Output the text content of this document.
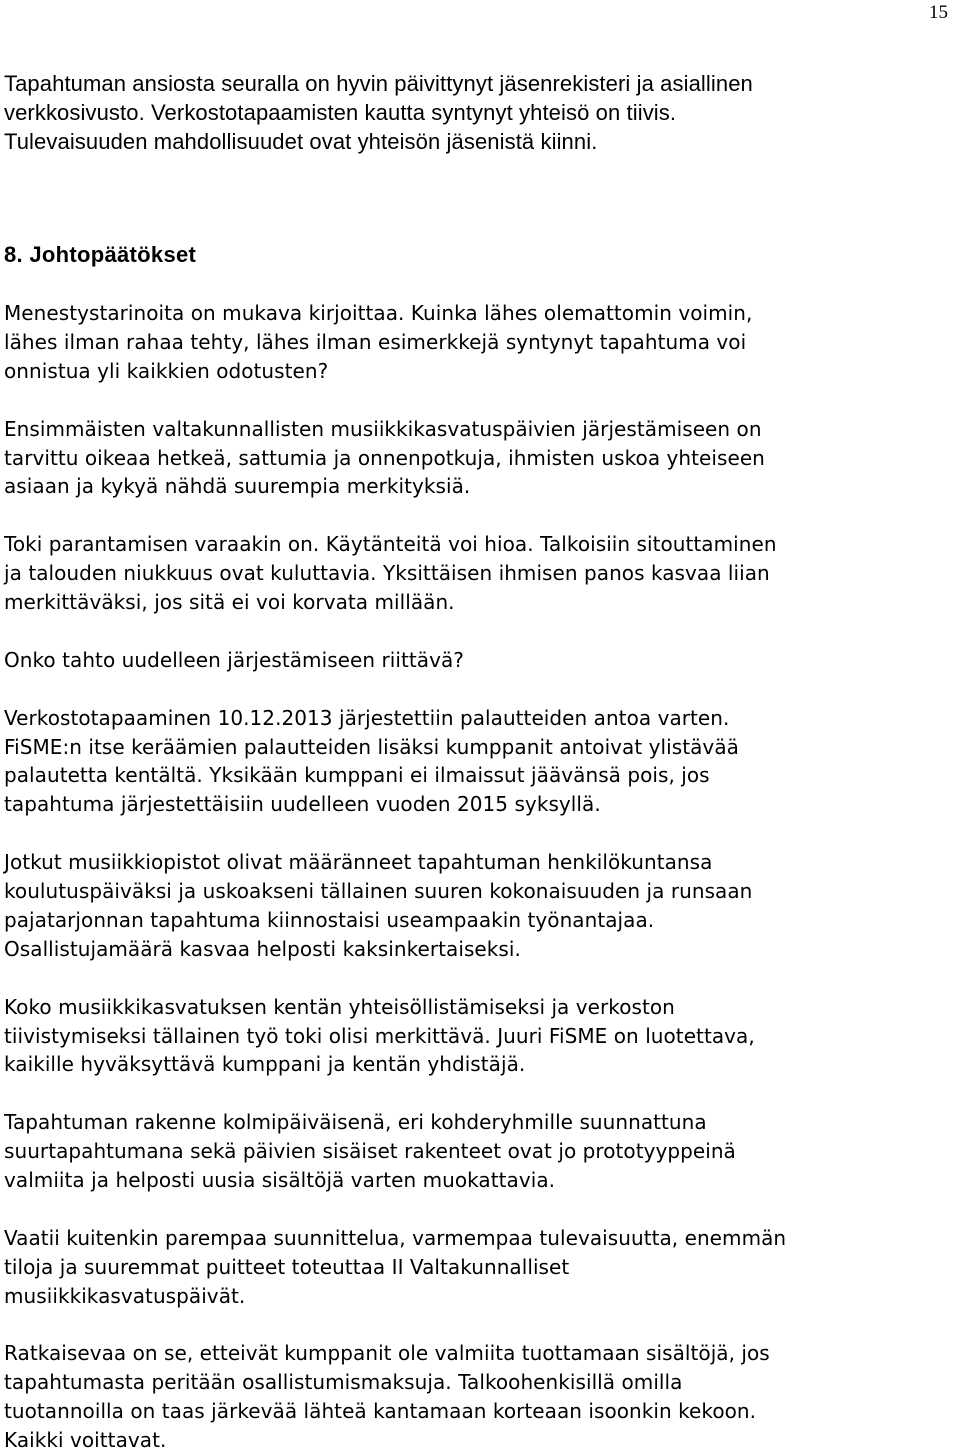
15
Tapahtuman ansiosta seuralla on hyvin päivittynyt jäsenrekisteri ja asiallinen
verkkosivusto. Verkostotapaamisten kautta syntynyt yhteisö on tiivis.
Tulevaisuuden mahdollisuudet ovat yhteisön jäsenistä kiinni.
8. Johtopäätökset

Menestystarinoita on mukava kirjoittaa. Kuinka lähes olemattomin voimin,
lähes ilman rahaa tehty, lähes ilman esimerkkejä syntynyt tapahtuma voi
onnistua yli kaikkien odotusten?

Ensimmäisten valtakunnallisten musiikkikasvatuspäivien järjestämiseen on
tarvittu oikeaa hetkeä, sattumia ja onnenpotkuja, ihmisten uskoa yhteiseen
asiaan ja kykyä nähdä suurempia merkityksiä.

Toki parantamisen varaakin on. Käytänteitä voi hioa. Talkoisiin sitouttaminen
ja talouden niukkuus ovat kuluttavia. Yksittäisen ihmisen panos kasvaa liian
merkittäväksi, jos sitä ei voi korvata millään.

Onko tahto uudelleen järjestämiseen riittävä?

Verkostotapaaminen 10.12.2013 järjestettiin palautteiden antoa varten.
FiSME:n itse keräämien palautteiden lisäksi kumppanit antoivat ylistävää
palautetta kentältä. Yksikään kumppani ei ilmaissut jäävänsä pois, jos
tapahtuma järjestettäisiin uudelleen vuoden 2015 syksyllä.

Jotkut musiikkiopistot olivat määränneet tapahtuman henkilökuntansa
koulutuspäiväksi ja uskoakseni tällainen suuren kokonaisuuden ja runsaan
pajatarjonnan tapahtuma kiinnostaisi useampaakin työnantajaa.
Osallistujamäärä kasvaa helposti kaksinkertaiseksi.

Koko musiikkikasvatuksen kentän yhteisöllistämiseksi ja verkoston
tiivistymiseksi tällainen työ toki olisi merkittävä. Juuri FiSME on luotettava,
kaikille hyväksyttävä kumppani ja kentän yhdistäjä.

Tapahtuman rakenne kolmipäiväisenä, eri kohderyhmille suunnattuna
suurtapahtumana sekä päivien sisäiset rakenteet ovat jo prototyyppeinä
valmiita ja helposti uusia sisältöjä varten muokattavia.

Vaatii kuitenkin parempaa suunnittelua, varmempaa tulevaisuutta, enemmän
tiloja ja suuremmat puitteet toteuttaa II Valtakunnalliset
musiikkikasvatuspäivät.

Ratkaisevaa on se, etteivät kumppanit ole valmiita tuottamaan sisältöjä, jos
tapahtumasta peritään osallistumismaksuja. Talkoohenkisillä omilla
tuotannoilla on taas järkevää lähteä kantamaan korteaan isoonkin kekoon.
Kaikki voittavat.
